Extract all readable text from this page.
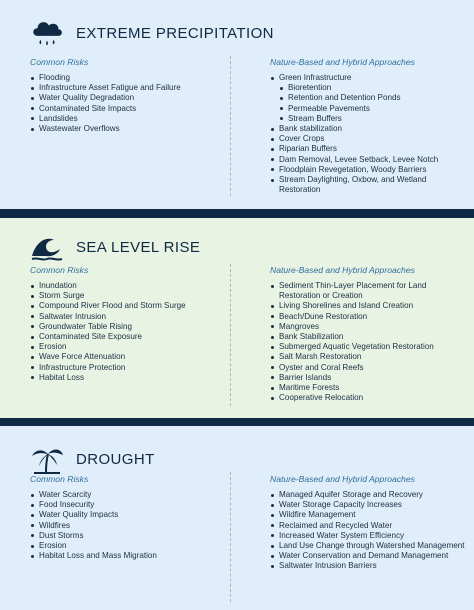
EXTREME PRECIPITATION
Common Risks
Flooding
Infrastructure Asset Fatigue and Failure
Water Quality Degradation
Contaminated Site Impacts
Landslides
Wastewater Overflows
Nature-Based and Hybrid Approaches
Green Infrastructure
Bioretention
Retention and Detention Ponds
Permeable Pavements
Stream Buffers
Bank stabilization
Cover Crops
Riparian Buffers
Dam Removal, Levee Setback, Levee Notch
Floodplain Revegetation, Woody Barriers
Stream Daylighting, Oxbow, and Wetland Restoration
SEA LEVEL RISE
Common Risks
Inundation
Storm Surge
Compound River Flood and Storm Surge
Saltwater Intrusion
Groundwater Table Rising
Contaminated Site Exposure
Erosion
Wave Force Attenuation
Infrastructure Protection
Habitat Loss
Nature-Based and Hybrid Approaches
Sediment Thin-Layer Placement for Land Restoration or Creation
Living Shorelines and Island Creation
Beach/Dune Restoration
Mangroves
Bank Stabilization
Submerged Aquatic Vegetation Restoration
Salt Marsh Restoration
Oyster and Coral Reefs
Barrier Islands
Maritime Forests
Cooperative Relocation
DROUGHT
Common Risks
Water Scarcity
Food Insecurity
Water Quality Impacts
Wildfires
Dust Storms
Erosion
Habitat Loss and Mass Migration
Nature-Based and Hybrid Approaches
Managed Aquifer Storage and Recovery
Water Storage Capacity Increases
Wildfire Management
Reclaimed and Recycled Water
Increased Water System Efficiency
Land Use Change through Watershed Management
Water Conservation and Demand Management
Saltwater Intrusion Barriers
